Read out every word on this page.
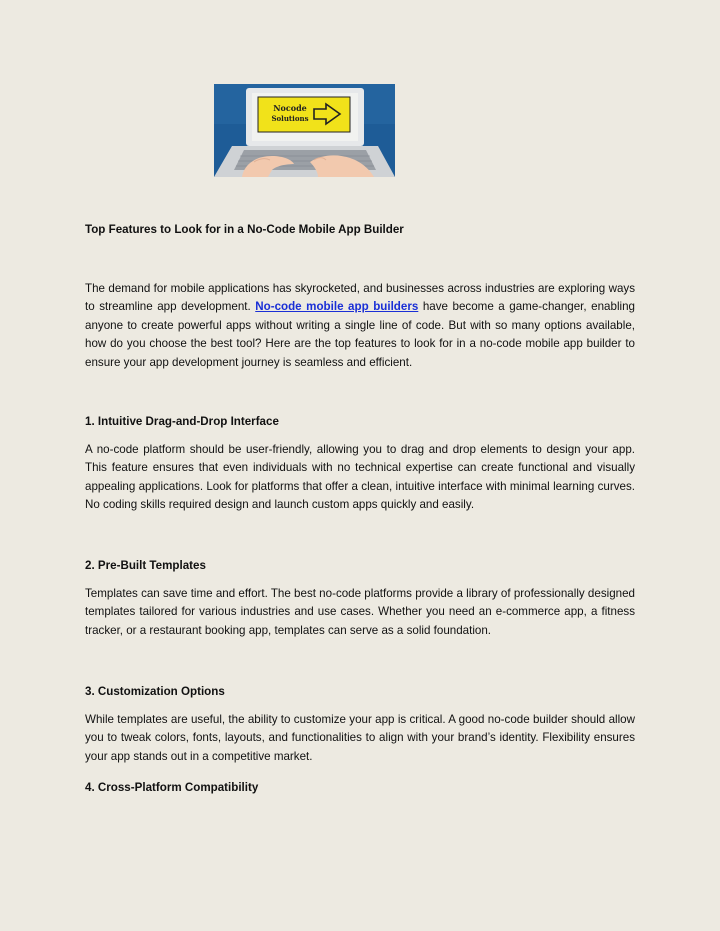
Nocode
Solutions
Top Features to Look for in a No-Code Mobile App Builder
The demand for mobile applications has skyrocketed, and businesses across industries are exploring ways to streamline app development. No-code mobile app builders have become a game-changer, enabling anyone to create powerful apps without writing a single line of code. But with so many options available, how do you choose the best tool? Here are the top features to look for in a no-code mobile app builder to ensure your app development journey is seamless and efficient.
1. Intuitive Drag-and-Drop Interface
A no-code platform should be user-friendly, allowing you to drag and drop elements to design your app. This feature ensures that even individuals with no technical expertise can create functional and visually appealing applications. Look for platforms that offer a clean, intuitive interface with minimal learning curves. No coding skills required design and launch custom apps quickly and easily.
2. Pre-Built Templates
Templates can save time and effort. The best no-code platforms provide a library of professionally designed templates tailored for various industries and use cases. Whether you need an e-commerce app, a fitness tracker, or a restaurant booking app, templates can serve as a solid foundation.
3. Customization Options
While templates are useful, the ability to customize your app is critical. A good no-code builder should allow you to tweak colors, fonts, layouts, and functionalities to align with your brand’s identity. Flexibility ensures your app stands out in a competitive market.
4. Cross-Platform Compatibility
